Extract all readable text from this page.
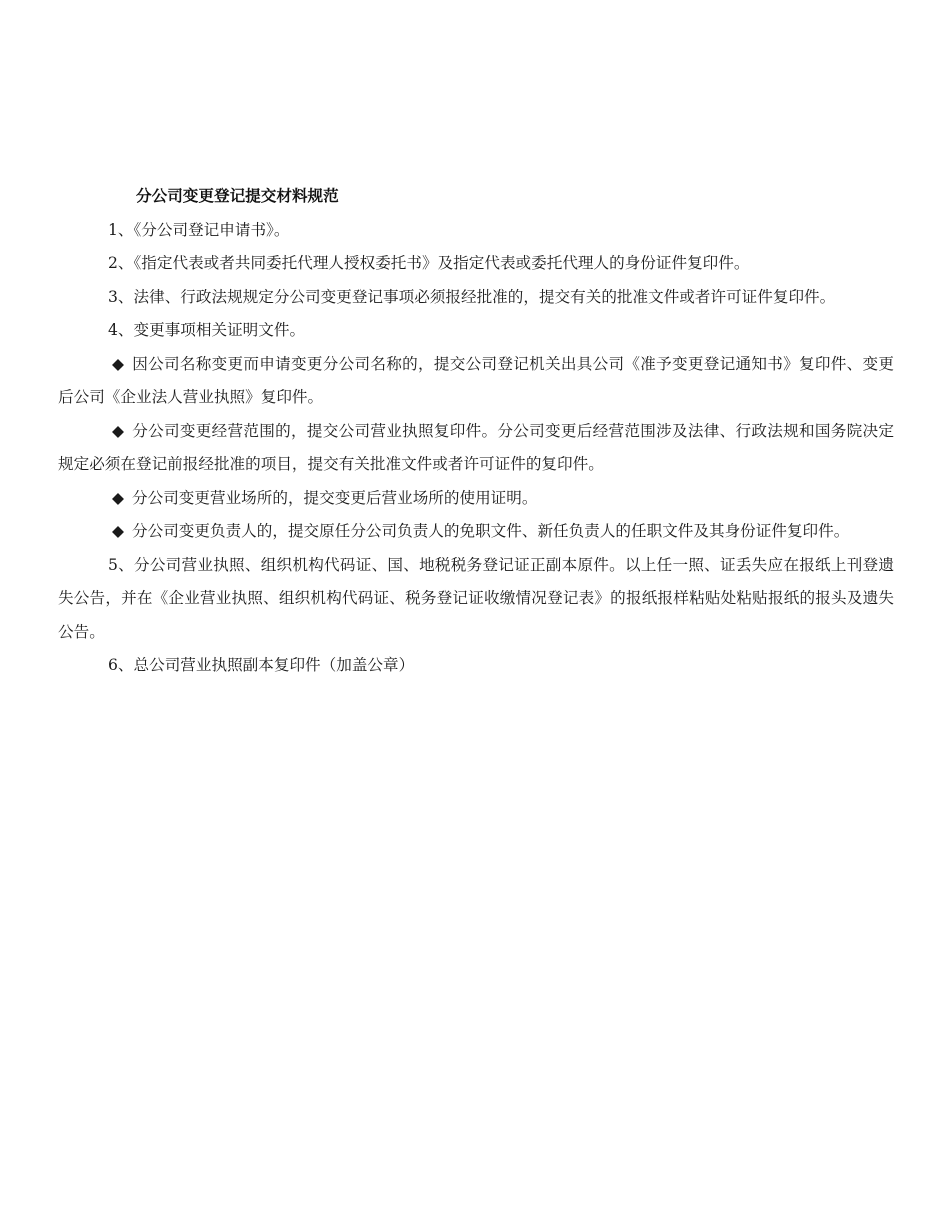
分公司变更登记提交材料规范

1、《分公司登记申请书》。

2、《指定代表或者共同委托代理人授权委托书》及指定代表或委托代理人的身份证件复印件。

3、法律、行政法规规定分公司变更登记事项必须报经批准的，提交有关的批准文件或者许可证件复印件。

4、变更事项相关证明文件。

◆ 因公司名称变更而申请变更分公司名称的，提交公司登记机关出具公司《准予变更登记通知书》复印件、变更后公司《企业法人营业执照》复印件。

◆ 分公司变更经营范围的，提交公司营业执照复印件。分公司变更后经营范围涉及法律、行政法规和国务院决定规定必须在登记前报经批准的项目，提交有关批准文件或者许可证件的复印件。

◆ 分公司变更营业场所的，提交变更后营业场所的使用证明。

◆ 分公司变更负责人的，提交原任分公司负责人的免职文件、新任负责人的任职文件及其身份证件复印件。

5、分公司营业执照、组织机构代码证、国、地税税务登记证正副本原件。以上任一照、证丢失应在报纸上刊登遗失公告，并在《企业营业执照、组织机构代码证、税务登记证收缴情况登记表》的报纸报样粘贴处粘贴报纸的报头及遗失公告。

6、总公司营业执照副本复印件（加盖公章）
